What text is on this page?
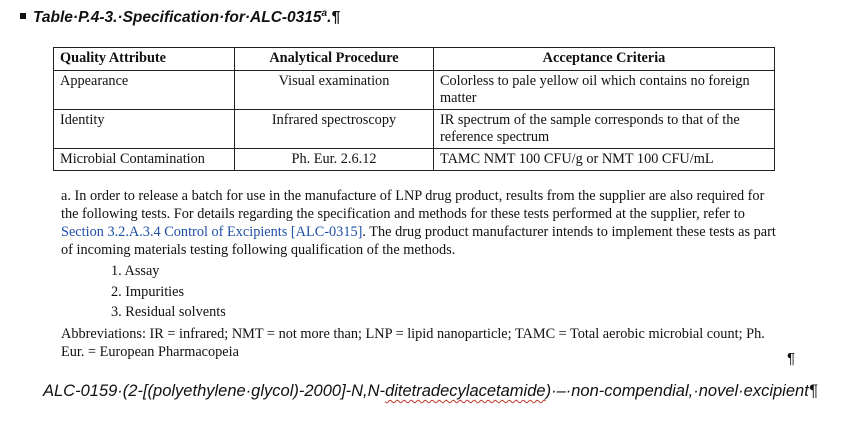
$Table\cdot P.4-3.\cdot Specification\cdot for\cdot ALC-0315^a.\P$
Quality Attribute	Analytical Procedure	Acceptance Criteria
Appearance	Visual examination	Colorless to pale yellow oil which contains no foreign matter
Identity	Infrared spectroscopy	IR spectrum of the sample corresponds to that of the reference spectrum
Microbial Contamination	Ph. Eur. 2.6.12	TAMC NMT 100 CFU/g or NMT 100 CFU/mL

a. In order to release a batch for use in the manufacture of LNP drug product, results from the supplier are also required for the following tests. For details regarding the specification and methods for these tests performed at the supplier, refer to Section 3.2.A.3.4 Control of Excipients [ALC-0315]. The drug product manufacturer intends to implement these tests as part of incoming materials testing following qualification of the methods.

1. Assay
2. Impurities
3. Residual solvents

Abbreviations: IR = infrared; NMT = not more than; LNP = lipid nanoparticle; TAMC = Total aerobic microbial count; Ph. Eur. = European Pharmacopeia	¶
ALC-0159·(2-[(polyethylene·glycol)-2000]-N,N-ditetradecylacetamide)·–·non-compendial,·novel·excipient¶
